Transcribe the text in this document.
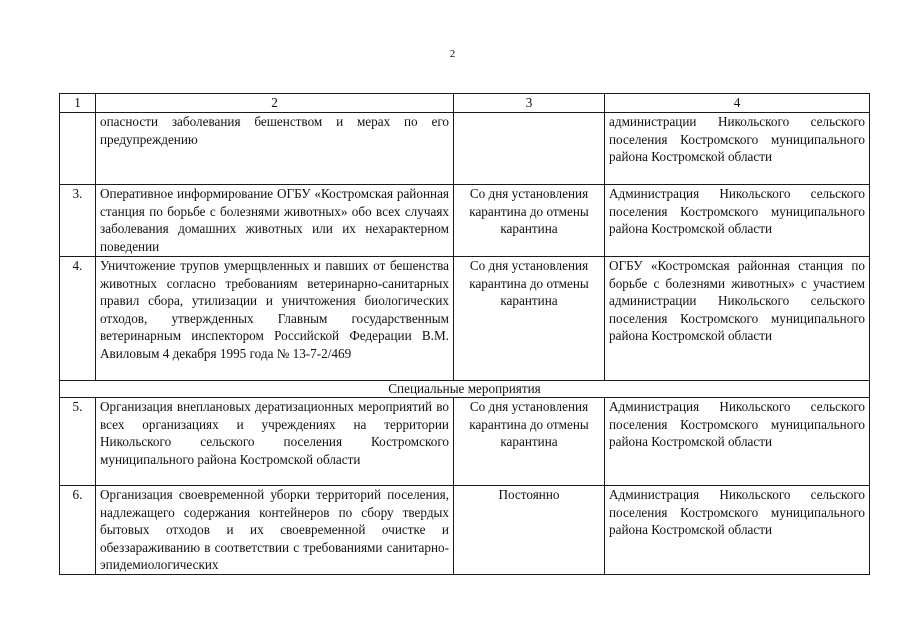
2
1	2	3	4
	опасности заболевания бешенством и мерах по его предупреждению		администрации Никольского сельского поселения Костромского муниципального района Костромской области
3.	Оперативное информирование ОГБУ «Костромская районная станция по борьбе с болезнями животных» обо всех случаях заболевания домашних животных или их нехарактерном поведении	Со дня установления карантина до отмены карантина	Администрация Никольского сельского поселения Костромского муниципального района Костромской области
4.	Уничтожение трупов умерщвленных и павших от бешенства животных согласно требованиям ветеринарно-санитарных правил сбора, утилизации и уничтожения биологических отходов, утвержденных Главным государственным ветеринарным инспектором Российской Федерации В.М. Авиловым 4 декабря 1995 года № 13-7-2/469	Со дня установления карантина до отмены карантина	ОГБУ «Костромская районная станция по борьбе с болезнями животных» с участием администрации Никольского сельского поселения Костромского муниципального района Костромской области
Специальные мероприятия			
5.	Организация внеплановых дератизационных мероприятий во всех организациях и учреждениях на территории Никольского сельского поселения Костромского муниципального района Костромской области	Со дня установления карантина до отмены карантина	Администрация Никольского сельского поселения Костромского муниципального района Костромской области
6.	Организация своевременной уборки территорий поселения, надлежащего содержания контейнеров по сбору твердых бытовых отходов и их своевременной очистке и обеззараживанию в соответствии с требованиями санитарно-эпидемиологических	Постоянно	Администрация Никольского сельского поселения Костромского муниципального района Костромской области
